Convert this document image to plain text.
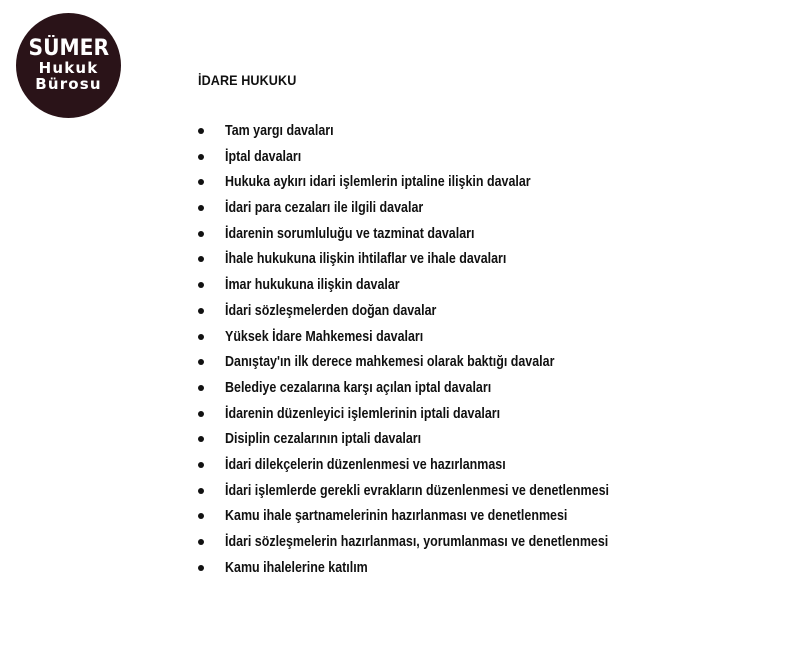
SÜMER
Hukuk
Bürosu	İDARE HUKUKU
Tam yargı davaları
İptal davaları
Hukuka aykırı idari işlemlerin iptaline ilişkin davalar
İdari para cezaları ile ilgili davalar
İdarenin sorumluluğu ve tazminat davaları
İhale hukukuna ilişkin ihtilaflar ve ihale davaları
İmar hukukuna ilişkin davalar
İdari sözleşmelerden doğan davalar
Yüksek İdare Mahkemesi davaları
Danıştay'ın ilk derece mahkemesi olarak baktığı davalar
Belediye cezalarına karşı açılan iptal davaları
İdarenin düzenleyici işlemlerinin iptali davaları
Disiplin cezalarının iptali davaları
İdari dilekçelerin düzenlenmesi ve hazırlanması
İdari işlemlerde gerekli evrakların düzenlenmesi ve denetlenmesi
Kamu ihale şartnamelerinin hazırlanması ve denetlenmesi
İdari sözleşmelerin hazırlanması, yorumlanması ve denetlenmesi
Kamu ihalelerine katılım
